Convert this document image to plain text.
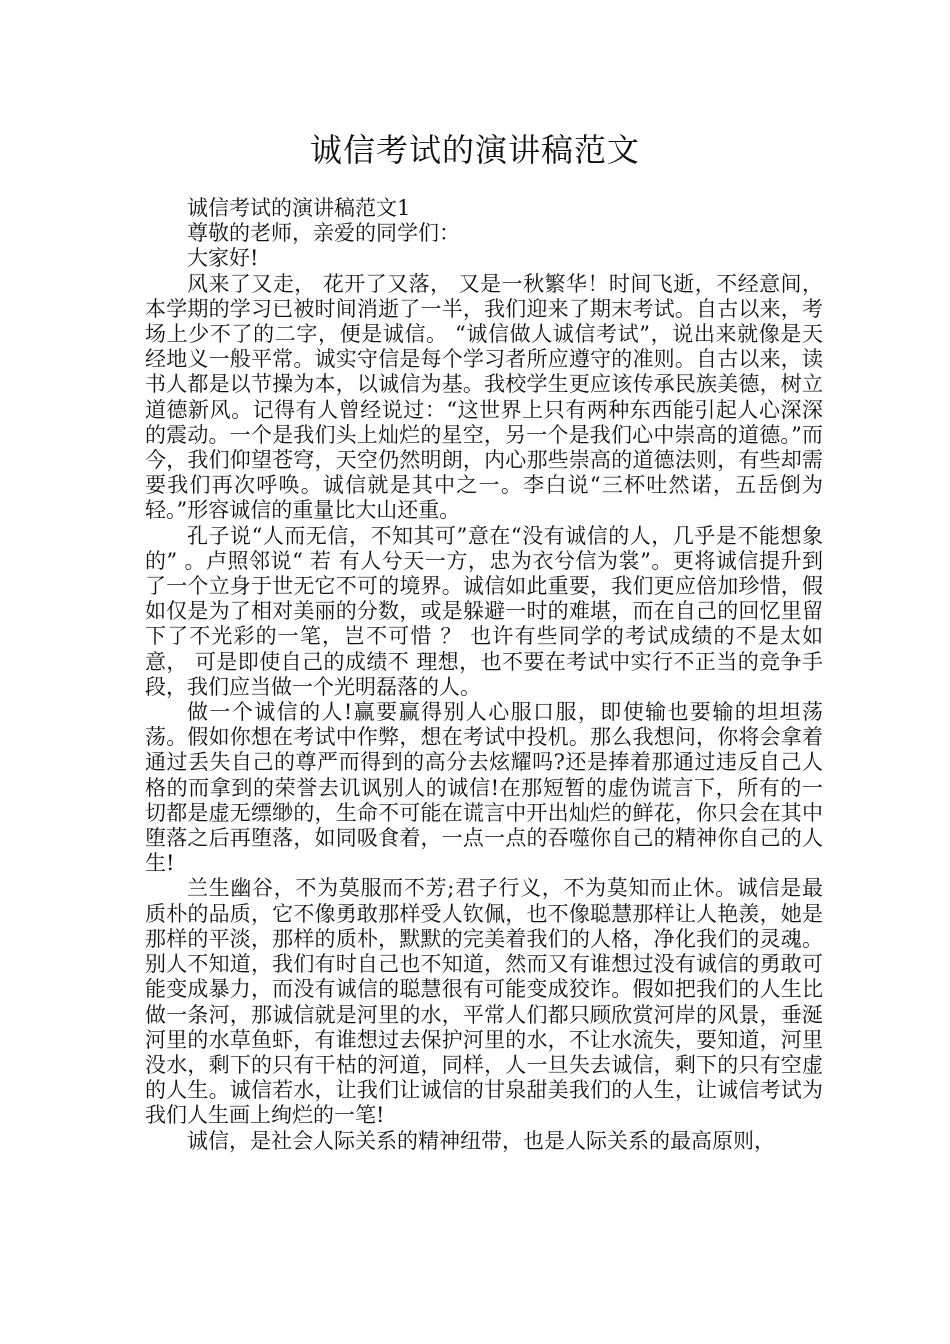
诚信考试的演讲稿范文

诚信考试的演讲稿范文1

尊敬的老师，亲爱的同学们：

大家好!

风来了又走， 花开了又落， 又是一秋繁华！时间飞逝，不经意间， 本学期的学习已被时间消逝了一半，我们迎来了期末考试。自古以来，考场上少不了的二字，便是诚信。 “诚信做人诚信考试”，说出来就像是天经地义一般平常。诚实守信是每个学习者所应遵守的准则。自古以来，读书人都是以节操为本，以诚信为基。我校学生更应该传承民族美德，树立道德新风。记得有人曾经说过：“这世界上只有两种东西能引起人心深深的震动。一个是我们头上灿烂的星空，另一个是我们心中崇高的道德。”而今，我们仰望苍穹，天空仍然明朗，内心那些崇高的道德法则，有些却需要我们再次呼唤。诚信就是其中之一。李白说“三杯吐然诺，五岳倒为轻。”形容诚信的重量比大山还重。

孔子说“人而无信，不知其可”意在“没有诚信的人，几乎是不能想象的” 。卢照邻说“ 若 有人兮天一方，忠为衣兮信为裳”。更将诚信提升到了一个立身于世无它不可的境界。诚信如此重要，我们更应倍加珍惜，假如仅是为了相对美丽的分数，或是躲避一时的难堪，而在自己的回忆里留下了不光彩的一笔，岂不可惜 ？ 也许有些同学的考试成绩的不是太如意， 可是即使自己的成绩不 理想，也不要在考试中实行不正当的竞争手段，我们应当做一个光明磊落的人。

做一个诚信的人!赢要赢得别人心服口服，即使输也要输的坦坦荡荡。假如你想在考试中作弊，想在考试中投机。那么我想问，你将会拿着通过丢失自己的尊严而得到的高分去炫耀吗?还是捧着那通过违反自己人格的而拿到的荣誉去讥讽别人的诚信!在那短暂的虚伪谎言下，所有的一切都是虚无缥缈的，生命不可能在谎言中开出灿烂的鲜花，你只会在其中堕落之后再堕落，如同吸食着，一点一点的吞噬你自己的精神你自己的人生!

兰生幽谷，不为莫服而不芳;君子行义，不为莫知而止休。诚信是最质朴的品质，它不像勇敢那样受人钦佩，也不像聪慧那样让人艳羡，她是那样的平淡，那样的质朴，默默的完美着我们的人格，净化我们的灵魂。别人不知道，我们有时自己也不知道，然而又有谁想过没有诚信的勇敢可能变成暴力，而没有诚信的聪慧很有可能变成狡诈。假如把我们的人生比做一条河，那诚信就是河里的水，平常人们都只顾欣赏河岸的风景，垂涎河里的水草鱼虾，有谁想过去保护河里的水，不让水流失，要知道，河里没水，剩下的只有干枯的河道，同样，人一旦失去诚信，剩下的只有空虚的人生。诚信若水，让我们让诚信的甘泉甜美我们的人生，让诚信考试为我们人生画上绚烂的一笔!

诚信，是社会人际关系的精神纽带，也是人际关系的最高原则，
